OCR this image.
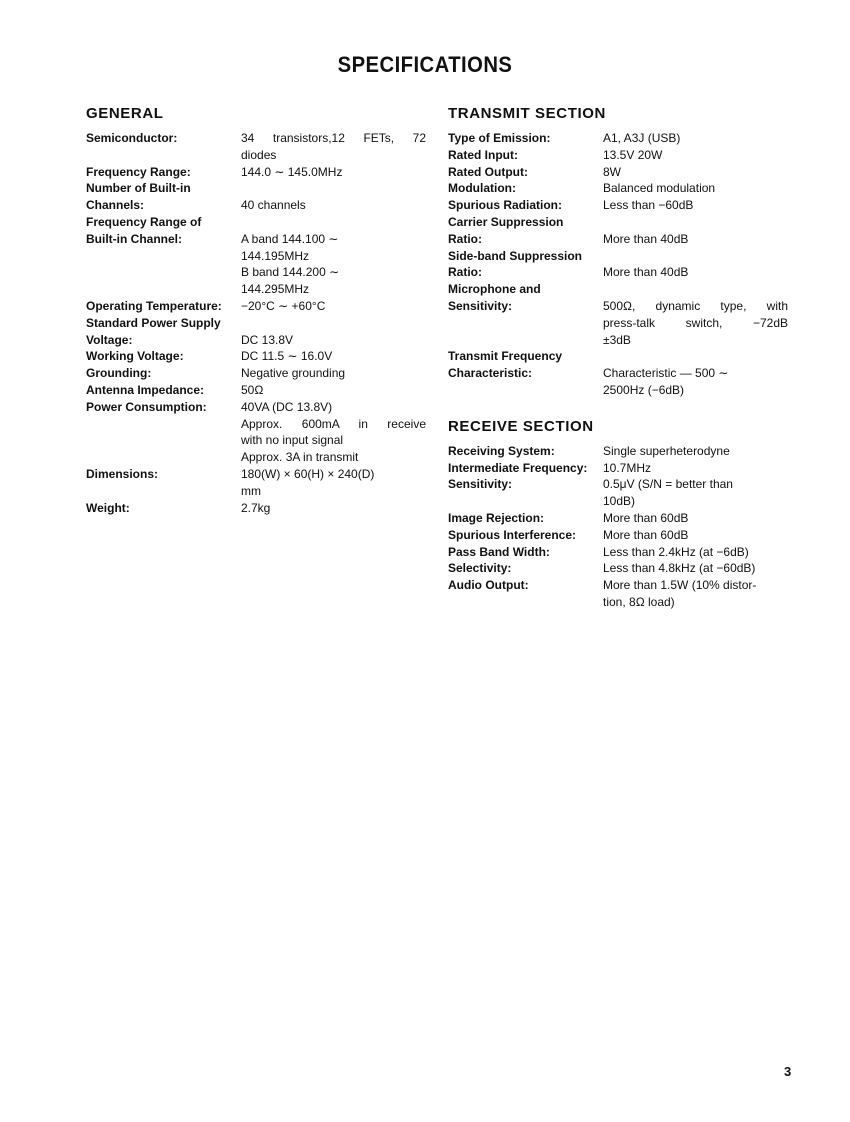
SPECIFICATIONS
GENERAL
Semiconductor:
	34 transistors,12 FETs, 72
diodes
Frequency Range:	144.0 ∼ 145.0MHz
Number of Built-in
Channels:
	40 channels
Frequency Range of
Built-in Channel:

	A band 144.100 ∼
144.195MHz
B band 144.200 ∼
144.295MHz
Operating Temperature:	−20°C ∼ +60°C
Standard Power Supply
Voltage:
	DC 13.8V
Working Voltage:	DC 11.5 ∼ 16.0V
Grounding:	Negative grounding
Antenna Impedance:	50Ω
Power Consumption:

	40VA (DC 13.8V)
Approx. 600mA in receive
with no input signal
Approx. 3A in transmit
Dimensions:
	180(W) × 60(H) × 240(D)
mm
Weight:	2.7kg
TRANSMIT SECTION
Type of Emission:	A1, A3J (USB)
Rated Input:	13.5V 20W
Rated Output:	8W
Modulation:	Balanced modulation
Spurious Radiation:	Less than −60dB
Carrier Suppression
Ratio:
	More than 40dB
Side-band Suppression
Ratio:
	More than 40dB
Microphone and
Sensitivity:

	500Ω, dynamic type, with
press-talk switch, −72dB
±3dB
Transmit Frequency
Characteristic:

	Characteristic — 500 ∼
2500Hz (−6dB)
RECEIVE SECTION
Receiving System:	Single superheterodyne
Intermediate Frequency:	10.7MHz
Sensitivity:
	0.5μV (S/N = better than
10dB)
Image Rejection:	More than 60dB
Spurious Interference:	More than 60dB
Pass Band Width:	Less than 2.4kHz (at −6dB)
Selectivity:	Less than 4.8kHz (at −60dB)
Audio Output:
	More than 1.5W (10% distor-
tion, 8Ω load)
3
